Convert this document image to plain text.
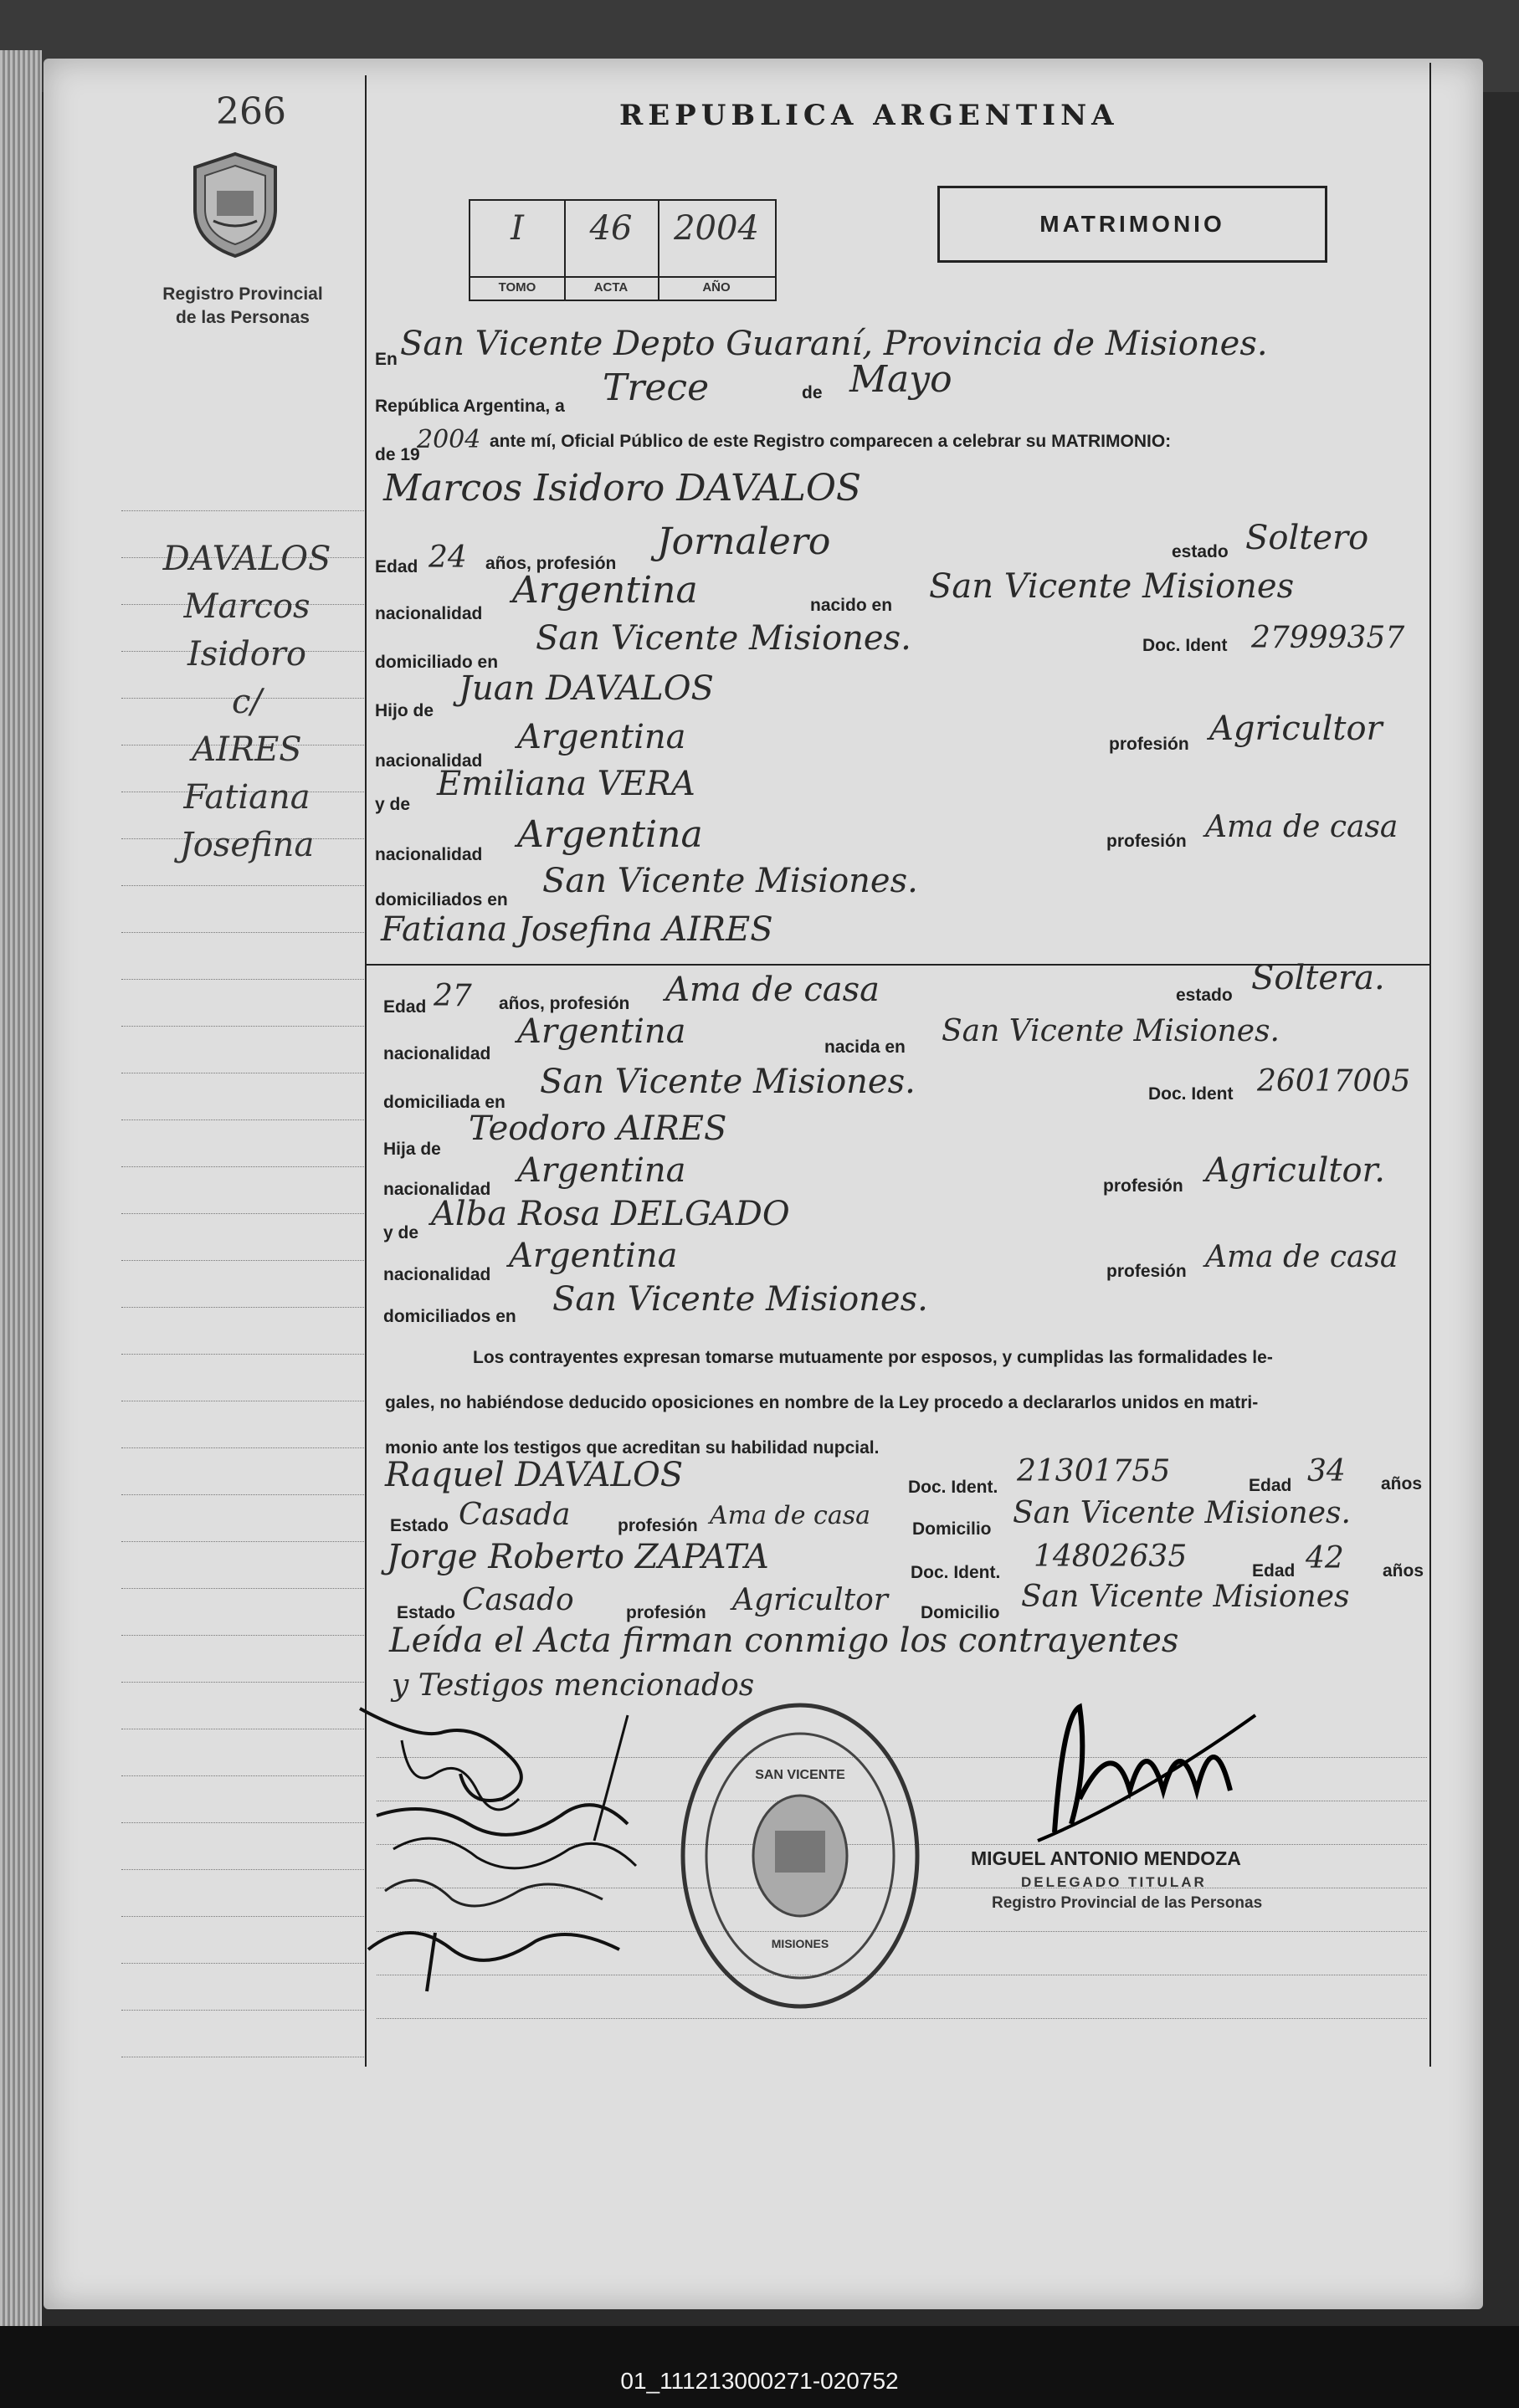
266
Registro Provincial
de las Personas
DAVALOS
Marcos
Isidoro
c/
AIRES
Fatiana
Josefina
REPUBLICA ARGENTINA
I
TOMO
46
ACTA
2004
AÑO
MATRIMONIO
En San Vicente Depto Guaraní, Provincia de Misiones.
República Argentina, a Trece	de Mayo
de 19
2004 ante mí, Oficial Público de este Registro comparecen a celebrar su MATRIMONIO:
Marcos Isidoro DAVALOS
Edad 24 años, profesión
Jornalero	estado Soltero
nacionalidad
Argentina	nacido en San Vicente Misiones
domiciliado en
San Vicente Misiones.	Doc. Ident 27999357
Hijo de
Juan DAVALOS
nacionalidad
Argentina	profesión Agricultor
y de
Emiliana VERA
nacionalidad Argentina	profesión Ama de casa
domiciliados en San Vicente Misiones.
Fatiana Josefina AIRES
Edad 27 años, profesión Ama de casa	estado Soltera.
nacionalidad
Argentina	nacida en San Vicente Misiones.
domiciliada en
San Vicente Misiones.	Doc. Ident 26017005
Hija de
Teodoro AIRES
nacionalidad Argentina	profesión Agricultor.
y de Alba Rosa DELGADO
nacionalidad Argentina	profesión Ama de casa
domiciliados en San Vicente Misiones.
Los contrayentes expresan tomarse mutuamente por esposos, y cumplidas las formalidades le-
gales, no habiéndose deducido oposiciones en nombre de la Ley procedo a declararlos unidos en matri-
monio ante los testigos que acreditan su habilidad nupcial.
Raquel DAVALOS	Doc. Ident. 21301755	Edad 34 años
Estado Casada	profesión Ama de casa Domicilio San Vicente Misiones.
Jorge Roberto ZAPATA	Doc. Ident. 14802635	Edad 42 años
Estado Casado	profesión Agricultor Domicilio San Vicente Misiones
Leída el Acta firman conmigo los contrayentes
y Testigos mencionados
SAN VICENTE
MISIONES
MIGUEL ANTONIO MENDOZA
DELEGADO TITULAR
Registro Provincial de las Personas
01_111213000271-020752
